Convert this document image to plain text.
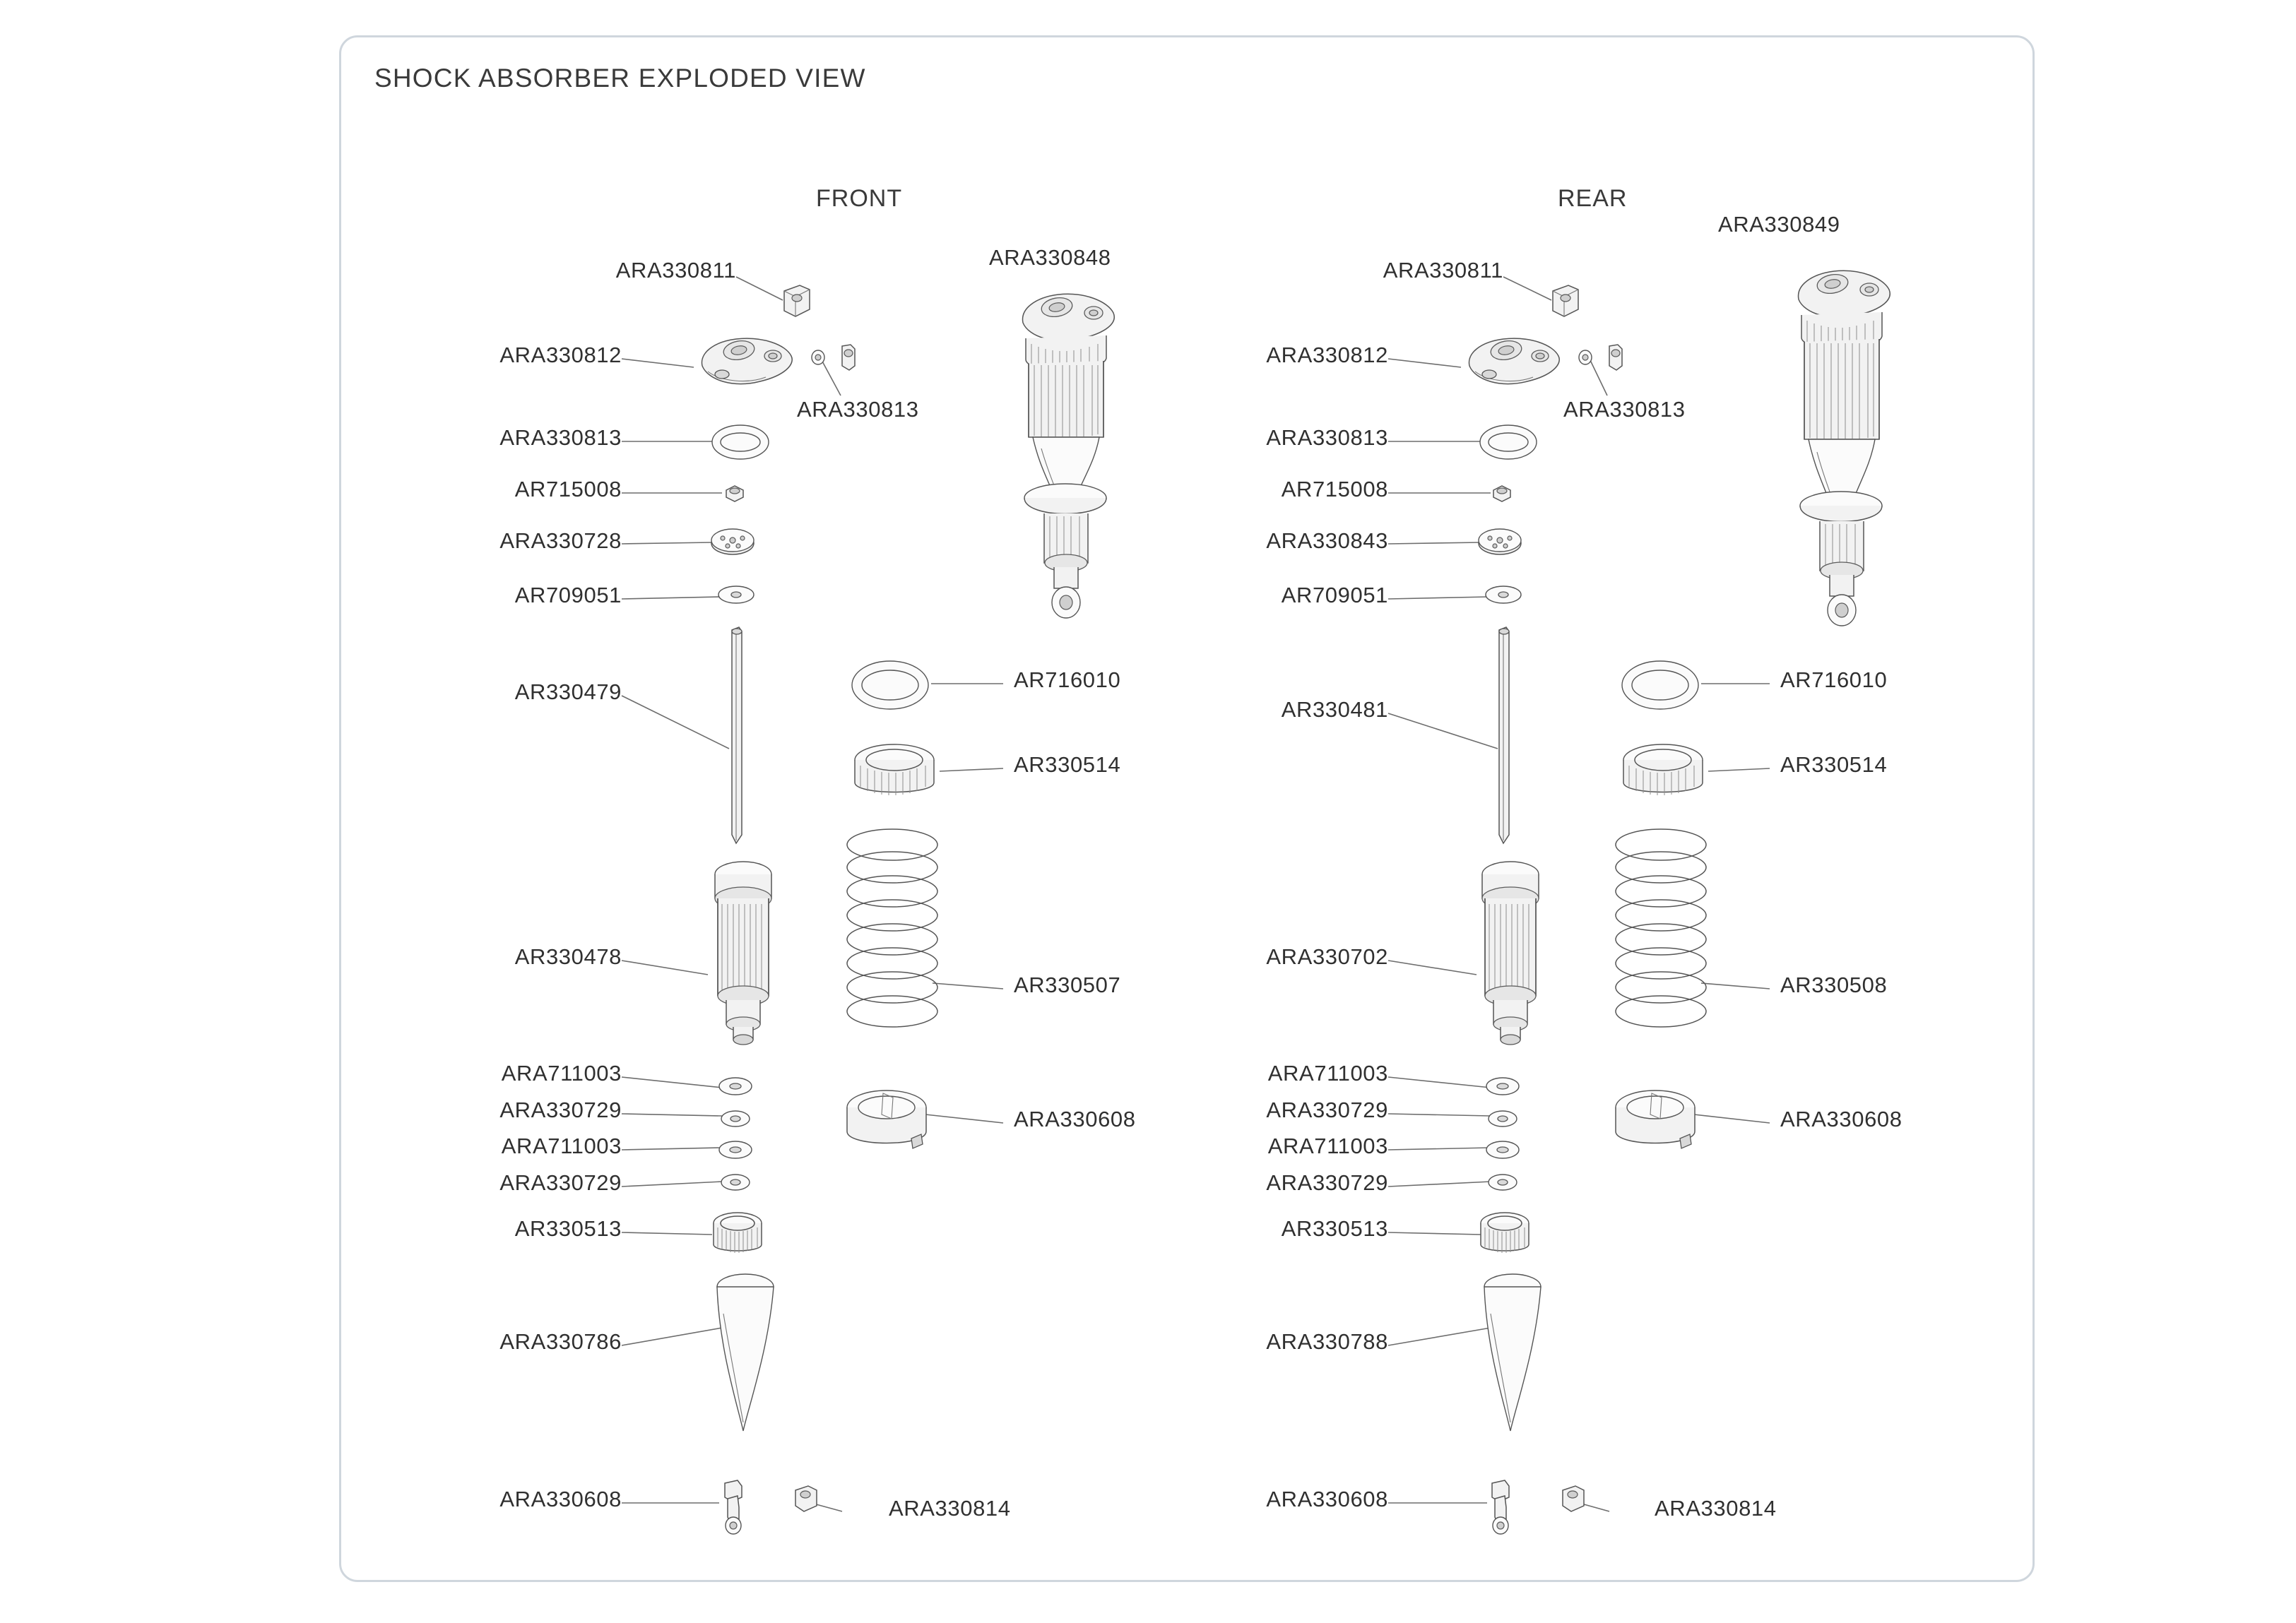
SHOCK ABSORBER EXPLODED VIEW
FRONT	REAR
ARA330848
ARA330849
ARA330811
ARA330812
ARA330813
ARA330813
AR715008
ARA330728
AR709051
AR330479
AR330478
ARA711003
ARA330729
ARA711003
ARA330729
AR330513
ARA330786
ARA330608
AR716010
AR330514
AR330507
ARA330608
ARA330814
ARA330811
ARA330812
ARA330813
ARA330813
AR715008
ARA330843
AR709051
AR330481
ARA330702
ARA711003
ARA330729
ARA711003
ARA330729
AR330513
ARA330788
ARA330608
AR716010
AR330514
AR330508
ARA330608
ARA330814
